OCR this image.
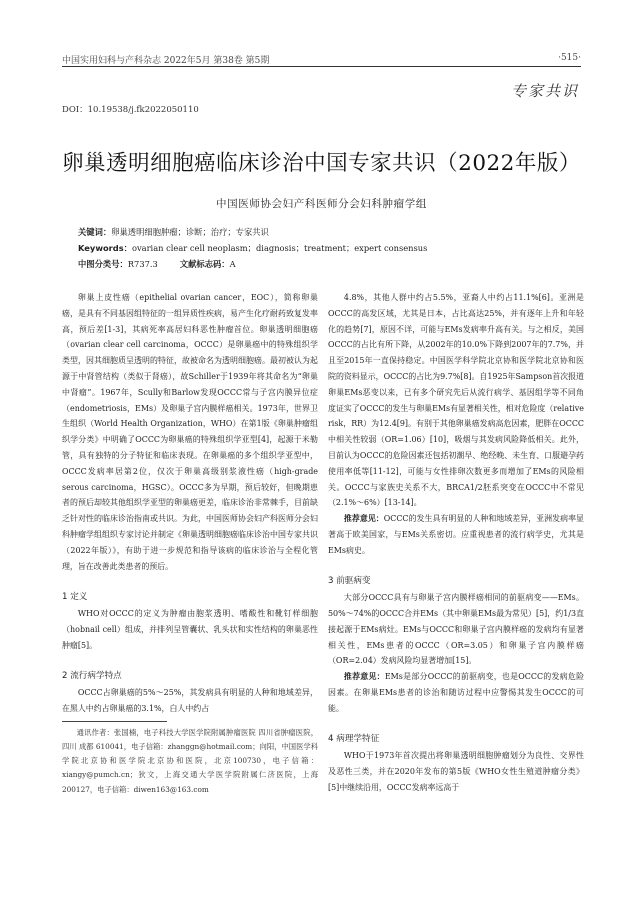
中国实用妇科与产科杂志 2022年5月 第38卷 第5期	·515·
专家共识
DOI：10.19538/j.fk2022050110
卵巢透明细胞癌临床诊治中国专家共识（2022年版）
中国医师协会妇产科医师分会妇科肿瘤学组
关键词：卵巢透明细胞肿瘤；诊断；治疗；专家共识
Keywords：ovarian clear cell neoplasm；diagnosis；treatment；expert consensus
中图分类号：R737.3	文献标志码：A

卵巢上皮性癌（epithelial ovarian cancer，EOC），简称卵巢癌，是具有不同基因组特征的一组异质性疾病，易产生化疗耐药致复发率高，预后差[1-3]，其病死率高居妇科恶性肿瘤首位。卵巢透明细胞癌（ovarian clear cell carcinoma，OCCC）是卵巢癌中的特殊组织学类型，因其细胞质呈透明的特征，故被命名为透明细胞癌。最初被认为起源于中肾管结构（类似于肾癌），故Schiller于1939年将其命名为“卵巢中肾瘤”。1967年，Scully和Barlow发现OCCC常与子宫内膜异位症（endometriosis，EMs）及卵巢子宫内膜样癌相关。1973年，世界卫生组织（World Health Organization，WHO）在第1版《卵巢肿瘤组织学分类》中明确了OCCC为卵巢癌的特殊组织学亚型[4]，起源于米勒管，具有独特的分子特征和临床表现。在卵巢癌的多个组织学亚型中，OCCC发病率居第2位，仅次于卵巢高级别浆液性癌（high-grade serous carcinoma，HGSC）。OCCC多为早期，预后较好，但晚期患者的预后却较其他组织学亚型的卵巢癌更差，临床诊治非常棘手，目前缺乏针对性的临床诊治指南或共识。为此，中国医师协会妇产科医师分会妇科肿瘤学组组织专家讨论并制定《卵巢透明细胞癌临床诊治中国专家共识（2022年版）》，有助于进一步规范和指导该病的临床诊治与全程化管理，旨在改善此类患者的预后。

1 定义

WHO对OCCC的定义为肿瘤由胞浆透明、嗜酸性和靴钉样细胞（hobnail cell）组成，并排列呈管囊状、乳头状和实性结构的卵巢恶性肿瘤[5]。

2 流行病学特点

OCCC占卵巢癌的5%～25%，其发病具有明显的人种和地域差异，在黑人中约占卵巢癌的3.1%，白人中约占

通讯作者：张国楠，电子科技大学医学院附属肿瘤医院 四川省肿瘤医院，四川 成都 610041，电子信箱：zhanggn@hotmail.com；向阳，中国医学科学院北京协和医学院北京协和医院，北京100730，电子信箱：xiangy@pumch.cn；狄文，上海交通大学医学院附属仁济医院，上海 200127，电子信箱：diwen163@163.com

4.8%，其他人群中约占5.5%，亚裔人中约占11.1%[6]。亚洲是OCCC的高发区域，尤其是日本，占比高达25%，并有逐年上升和年轻化的趋势[7]，原因不详，可能与EMs发病率升高有关。与之相反，美国OCCC的占比有所下降，从2002年的10.0%下降到2007年的7.7%，并且至2015年一直保持稳定。中国医学科学院北京协和医学院北京协和医院的资料显示，OCCC的占比为9.7%[8]。自1925年Sampson首次报道卵巢EMs恶变以来，已有多个研究先后从流行病学、基因组学等不同角度证实了OCCC的发生与卵巢EMs有显著相关性，相对危险度（relative risk，RR）为12.4[9]。有别于其他卵巢癌发病高危因素，肥胖在OCCC中相关性较弱（OR=1.06）[10]，吸烟与其发病风险降低相关。此外，目前认为OCCC的危险因素还包括初潮早、绝经晚、未生育、口服避孕药使用率低等[11-12]，可能与女性排卵次数更多而增加了EMs的风险相关。OCCC与家族史关系不大，BRCA1/2胚系突变在OCCC中不常见（2.1%～6%）[13-14]。

推荐意见：OCCC的发生具有明显的人种和地域差异，亚洲发病率显著高于欧美国家，与EMs关系密切。应重视患者的流行病学史，尤其是EMs病史。

3 前驱病变

大部分OCCC具有与卵巢子宫内膜样癌相同的前驱病变——EMs。50%～74%的OCCC合并EMs（其中卵巢EMs最为常见）[5]，约1/3直接起源于EMs病灶。EMs与OCCC和卵巢子宫内膜样癌的发病均有显著相关性，EMs患者的OCCC（OR=3.05）和卵巢子宫内膜样癌（OR=2.04）发病风险均显著增加[15]。

推荐意见：EMs是部分OCCC的前驱病变，也是OCCC的发病危险因素。在卵巢EMs患者的诊治和随访过程中应警惕其发生OCCC的可能。

4 病理学特征

WHO于1973年首次提出将卵巢透明细胞肿瘤划分为良性、交界性及恶性三类，并在2020年发布的第5版《WHO女性生殖道肿瘤分类》[5]中继续沿用，OCCC发病率远高于
